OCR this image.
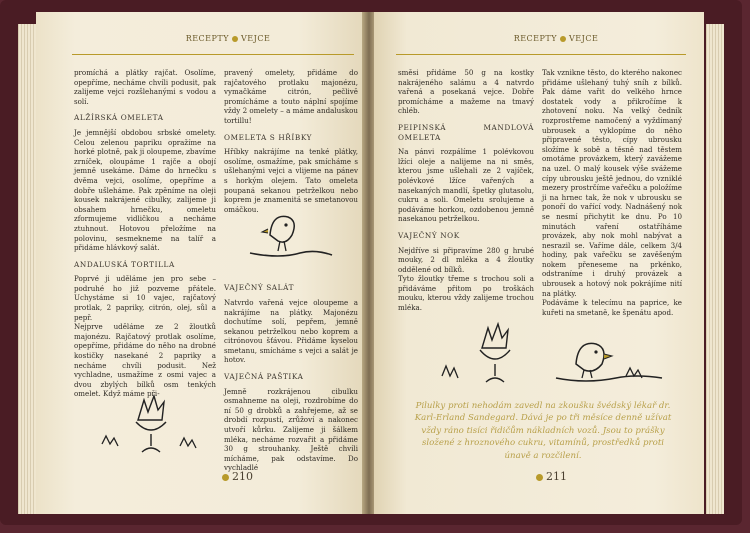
RECEPTY VEJCE

promíchá a plátky rajčat. Osolíme, opepříme, necháme chvíli podusit, pak zalijeme vejci rozšlehanými s vodou a solí.

ALŽÍRSKÁ OMELETA

Je jemnější obdobou srbské omelety. Celou zelenou papriku opražíme na horké plotně, pak ji oloupeme, zbavíme zrníček, oloupáme 1 rajče a obojí jemně usekáme. Dáme do hrnečku s dvěma vejci, osolíme, opepříme a dobře ušleháme. Pak zpěníme na oleji kousek nakrájené cibulky, zalijeme ji obsahem hrnečku, omeletu zformujeme vidličkou a necháme ztuhnout. Hotovou přeložíme na polovinu, sesmekneme na talíř a přidáme hlávkový salát.

ANDALUSKÁ TORTILLA

Poprvé ji uděláme jen pro sebe – podruhé ho již pozveme přátele. Uchystáme si 10 vajec, rajčatový protlak, 2 papriky, citrón, olej, sůl a pepř.

Nejprve uděláme ze 2 žloutků majonézu. Rajčatový protlak osolíme, opepříme, přidáme do něho na drobné kostičky nasekané 2 papriky a necháme chvíli podusit. Než vychladne, usmažíme z osmi vajec a dvou zbylých bílků osm tenkých omelet. Když máme při-

pravený omelety, přidáme do rajčatového protlaku majonézu, vymačkáme citrón, pečlivě promícháme a touto náplní spojíme vždy 2 omelety – a máme andaluskou tortillu!

OMELETA S HŘÍBKY

Hříbky nakrájíme na tenké plátky, osolíme, osmažíme, pak smícháme s ušlehanými vejci a vlijeme na pánev s horkým olejem. Tato omeleta poupaná sekanou petrželkou nebo koprem je znamenitá se smetanovou omáčkou.

VAJEČNÝ SALÁT

Natvrdo vařená vejce oloupeme a nakrájíme na plátky. Majonézu dochutíme solí, pepřem, jemně sekanou petrželkou nebo koprem a citrónovou šťávou. Přidáme kyselou smetanu, smícháme s vejci a salát je hotov.

VAJEČNÁ PAŠTIKA

Jemně rozkrájenou cibulku osmahneme na oleji, rozdrobíme do ní 50 g drobků a zahřejeme, až se drobdí rozpustí, zrůžoví a nakonec utvoří kůrku. Zalijeme ji šálkem mléka, necháme rozvařit a přidáme 30 g strouhanky. Ještě chvíli mícháme, pak odstavíme. Do vychladlé

210
RECEPTY VEJCE

směsi přidáme 50 g na kostky nakrájeného salámu a 4 natvrdo vařená a posekaná vejce. Dobře promícháme a mažeme na tmavý chléb.

PEIPINSKÁ MANDLOVÁ OMELETA

Na pánvi rozpálíme 1 polévkovou lžíci oleje a nalijeme na ni směs, kterou jsme ušlehali ze 2 vajíček, polévkové lžíce vařených a nasekaných mandlí, špetky glutasolu, cukru a soli. Omeletu srolujeme a podáváme horkou, ozdobenou jemně nasekanou petrželkou.

VAJEČNÝ NOK

Nejdříve si připravíme 280 g hrubé mouky, 2 dl mléka a 4 žloutky oddělené od bílků.

Tyto žloutky třeme s trochou soli a přidáváme přitom po troškách mouku, kterou vždy zalijeme trochou mléka.

Tak vznikne těsto, do kterého nakonec přidáme ušlehaný tuhý sníh z bílků. Pak dáme vařit do velkého hrnce dostatek vody a přikročíme k zhotovení noku. Na velký čedník rozprostřeme namočený a vyždímaný ubrousek a vyklopíme do něho připravené těsto, cípy ubrousku složíme k sobě a těsně nad těstem omotáme provázkem, který zavážeme na uzel. O malý kousek výše svážeme cípy ubrousku ještě jednou, do vzniklé mezery prostrčíme vařečku a položíme ji na hrnec tak, že nok v ubrousku se ponoří do vařící vody. Nadnášený nok se nesmí přichytit ke dnu. Po 10 minutách vaření ostatříháme provázek, aby nok mohl nabývat a nesrazil se. Vaříme dále, celkem 3/4 hodiny, pak vařečku se zavěšeným nokem přeneseme na prkénko, odstraníme i druhý provázek a ubrousek a hotový nok pokrájíme nití na plátky.

Podáváme k telecímu na paprice, ke kuřeti na smetaně, ke špenátu apod.

Pilulky proti nehodám zavedl na zkoušku švédský lékař dr. Karl-Erland Sandegard. Dává je po tři měsíce denně užívat vždy ráno tisíci řidičům nákladních vozů. Jsou to prášky složené z hroznového cukru, vitamínů, prostředků proti únavě a rozčilení.
211
